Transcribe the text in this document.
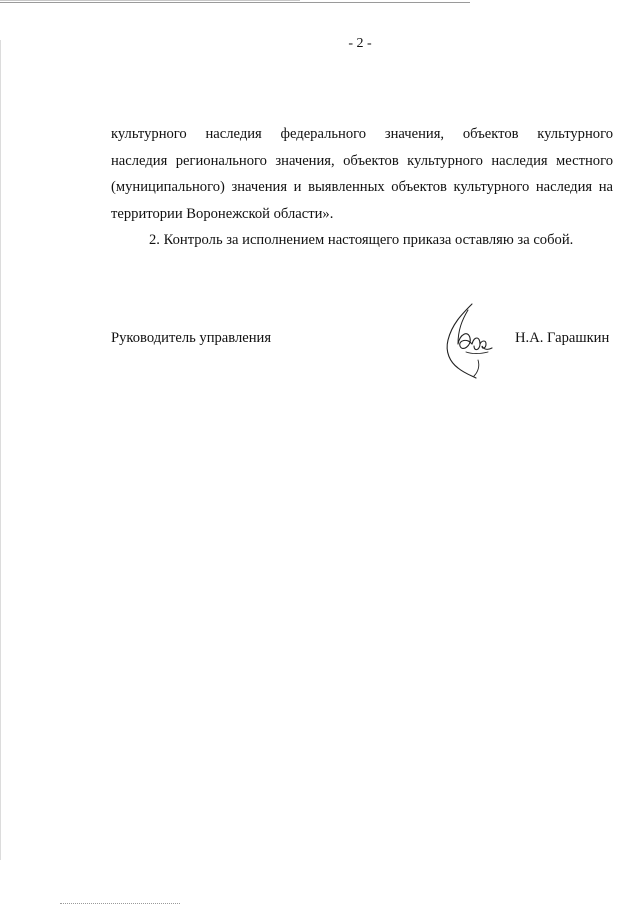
- 2 -
культурного наследия федерального значения, объектов культурного
наследия регионального значения, объектов культурного наследия местного
(муниципального) значения и выявленных объектов культурного наследия на
территории Воронежской области».
2. Контроль за исполнением настоящего приказа оставляю за собой.
Руководитель управления	Н.А. Гарашкин
